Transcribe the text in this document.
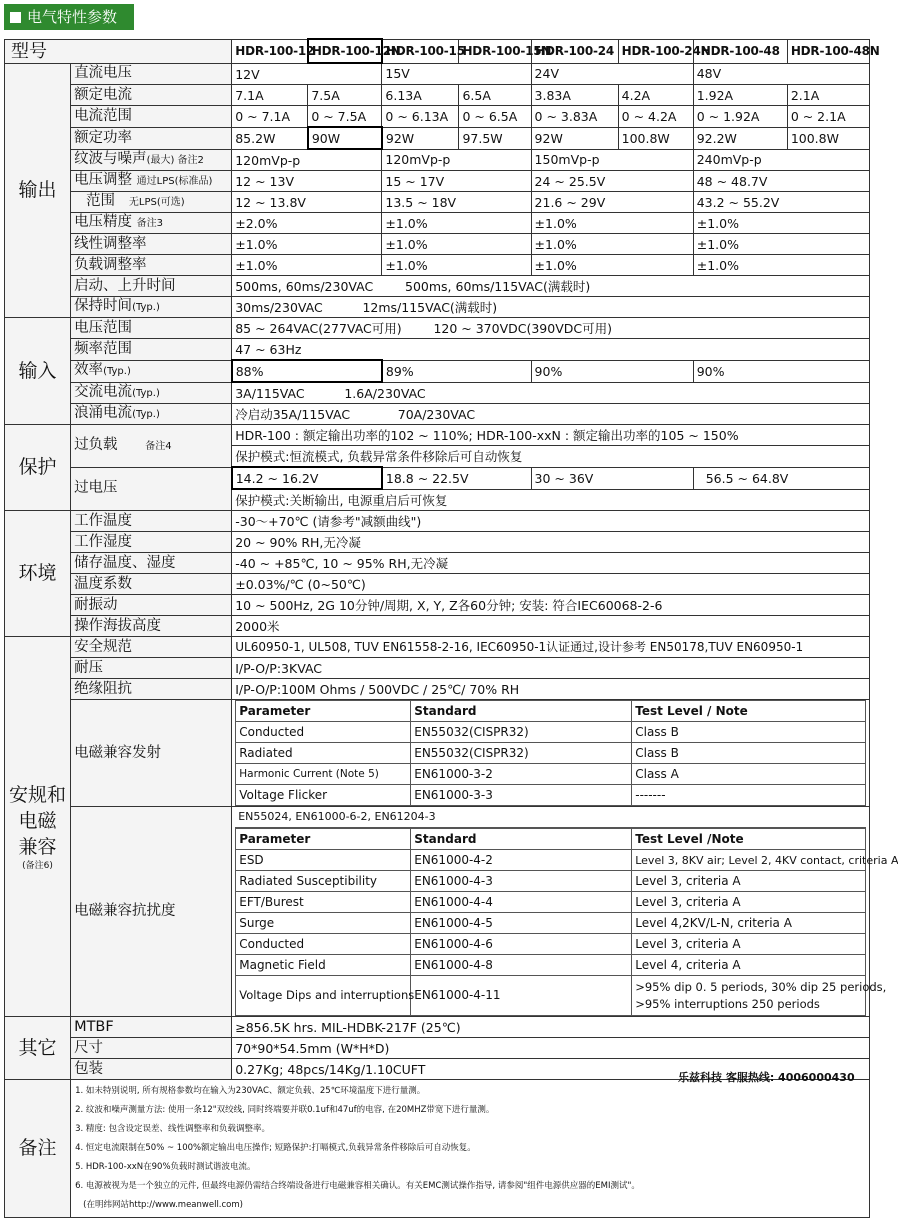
电气特性参数
型号	HDR-100-12	HDR-100-12N	HDR-100-15	HDR-100-15N	HDR-100-24	HDR-100-24N	HDR-100-48	HDR-100-48N
输出	直流电压	12V	15V	24V	48V
额定电流	7.1A	7.5A	6.13A	6.5A	3.83A	4.2A	1.92A	2.1A
电流范围	0 ~ 7.1A	0 ~ 7.5A	0 ~ 6.13A	0 ~ 6.5A	0 ~ 3.83A	0 ~ 4.2A	0 ~ 1.92A	0 ~ 2.1A
额定功率	85.2W	90W	92W	97.5W	92W	100.8W	92.2W	100.8W
纹波与噪声(最大) 备注2	120mVp-p	120mVp-p	150mVp-p	240mVp-p
电压调整 通过LPS(标准品)	12 ~ 13V	15 ~ 17V	24 ~ 25.5V	48 ~ 48.7V
范围 无LPS(可选)	12 ~ 13.8V	13.5 ~ 18V	21.6 ~ 29V	43.2 ~ 55.2V
电压精度 备注3	±2.0%	±1.0%	±1.0%	±1.0%
线性调整率	±1.0%	±1.0%	±1.0%	±1.0%
负载调整率	±1.0%	±1.0%	±1.0%	±1.0%
启动、上升时间	500ms, 60ms/230VAC        500ms, 60ms/115VAC(满载时)
保持时间(Typ.)	30ms/230VAC          12ms/115VAC(满载时)
输入	电压范围	85 ~ 264VAC(277VAC可用)        120 ~ 370VDC(390VDC可用)
频率范围	47 ~ 63Hz
效率(Typ.)	88%	89%	90%	90%
交流电流(Typ.)	3A/115VAC          1.6A/230VAC
浪涌电流(Typ.)	冷启动35A/115VAC            70A/230VAC
保护	过负载	备注4	HDR-100 : 额定输出功率的102 ~ 110%; HDR-100-xxN : 额定输出功率的105 ~ 150%
保护模式:恒流模式, 负载异常条件移除后可自动恢复
过电压	14.2 ~ 16.2V	18.8 ~ 22.5V	30 ~ 36V	56.5 ~ 64.8V
保护模式:关断输出, 电源重启后可恢复
环境	工作温度	-30～+70℃ (请参考"减额曲线")
工作湿度	20 ~ 90% RH,无冷凝
储存温度、湿度	-40 ~ +85℃, 10 ~ 95% RH,无冷凝
温度系数	±0.03%/℃ (0~50℃)
耐振动	10 ~ 500Hz, 2G 10分钟/周期, X, Y, Z各60分钟; 安装: 符合IEC60068-2-6
操作海拔高度	2000米

安规和
电磁
兼容
(备注6)
	安全规范	UL60950-1, UL508, TUV EN61558-2-16, IEC60950-1认证通过,设计参考 EN50178,TUV EN60950-1
耐压	I/P-O/P:3KVAC
绝缘阻抗	I/P-O/P:100M Ohms / 500VDC / 25℃/ 70% RH
电磁兼容发射	
Parameter	Standard	Test Level / Note
Conducted	EN55032(CISPR32)	Class B
Radiated	EN55032(CISPR32)	Class B
Harmonic Current (Note 5)	EN61000-3-2	Class A
Voltage Flicker	EN61000-3-3	-------

电磁兼容抗扰度	
EN55024, EN61000-6-2, EN61204-3
Parameter	Standard	Test Level /Note
ESD	EN61000-4-2	Level 3, 8KV air; Level 2, 4KV contact, criteria A
Radiated Susceptibility	EN61000-4-3	Level 3, criteria A
EFT/Burest	EN61000-4-4	Level 3, criteria A
Surge	EN61000-4-5	Level 4,2KV/L-N, criteria A
Conducted	EN61000-4-6	Level 3, criteria A
Magnetic Field	EN61000-4-8	Level 4, criteria A
Voltage Dips and interruptions	EN61000-4-11	
>95% dip 0. 5 periods, 30% dip 25 periods,
>95% interruptions 250 periods

其它	MTBF	≥856.5K hrs. MIL-HDBK-217F (25℃)
尺寸	70*90*54.5mm (W*H*D)
包装	0.27Kg; 48pcs/14Kg/1.10CUFT
备注	
1. 如未特别说明, 所有规格参数均在输入为230VAC、额定负载、25℃环境温度下进行量测。
2. 纹波和噪声测量方法: 使用一条12"双绞线, 同时终端要并联0.1uf和47uf的电容, 在20MHZ带宽下进行量测。
3. 精度: 包含设定误差、线性调整率和负载调整率。
4. 恒定电流限制在50% ~ 100%额定输出电压操作; 短路保护:打嗝模式,负载异常条件移除后可自动恢复。
5. HDR-100-xxN在90%负载时测试谐波电流。
6. 电源被视为是一个独立的元件, 但最终电源仍需结合终端设备进行电磁兼容相关确认。有关EMC测试操作指导, 请参阅"组件电源供应器的EMI测试"。
(在明纬网站http://www.meanwell.com)
乐兹科技 客服热线: 4006000430
